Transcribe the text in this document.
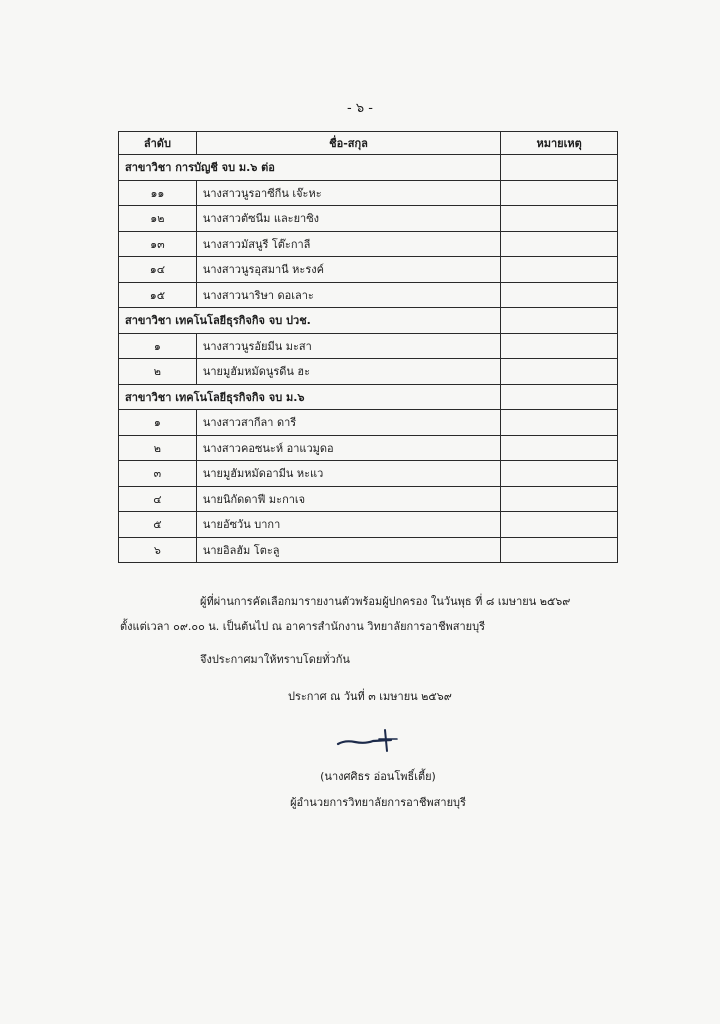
- ๖ -
ลำดับ	ชื่อ-สกุล	หมายเหตุ
สาขาวิชา การบัญชี จบ ม.๖ ต่อ		
๑๑	นางสาวนูรอาซีกีน เจ๊ะหะ	
๑๒	นางสาวตัซนีม และยาซิง	
๑๓	นางสาวมัสนูรี โต๊ะกาลี	
๑๔	นางสาวนูรอุสมานี หะรงค์	
๑๕	นางสาวนาริษา ดอเลาะ	
สาขาวิชา เทคโนโลยีธุรกิจกิจ จบ ปวช.		
๑	นางสาวนูรอัยมีน มะสา	
๒	นายมูฮัมหมัดนูรดีน ฮะ	
สาขาวิชา เทคโนโลยีธุรกิจกิจ จบ ม.๖		
๑	นางสาวสากีลา ดารี	
๒	นางสาวคอซนะห์ อาแวมูดอ	
๓	นายมูฮัมหมัดอามีน หะแว	
๔	นายนิกัดดาฟี มะกาเจ	
๕	นายอัซวัน บากา	
๖	นายอิลฮัม โตะลู	
ผู้ที่ผ่านการคัดเลือกมารายงานตัวพร้อมผู้ปกครอง ในวันพุธ ที่ ๘ เมษายน ๒๕๖๙
ตั้งแต่เวลา ๐๙.๐๐ น. เป็นต้นไป ณ อาคารสำนักงาน วิทยาลัยการอาชีพสายบุรี
จึงประกาศมาให้ทราบโดยทั่วกัน
ประกาศ ณ วันที่ ๓ เมษายน ๒๕๖๙
(นางศศิธร อ่อนโพธิ์เตี้ย)
ผู้อำนวยการวิทยาลัยการอาชีพสายบุรี
